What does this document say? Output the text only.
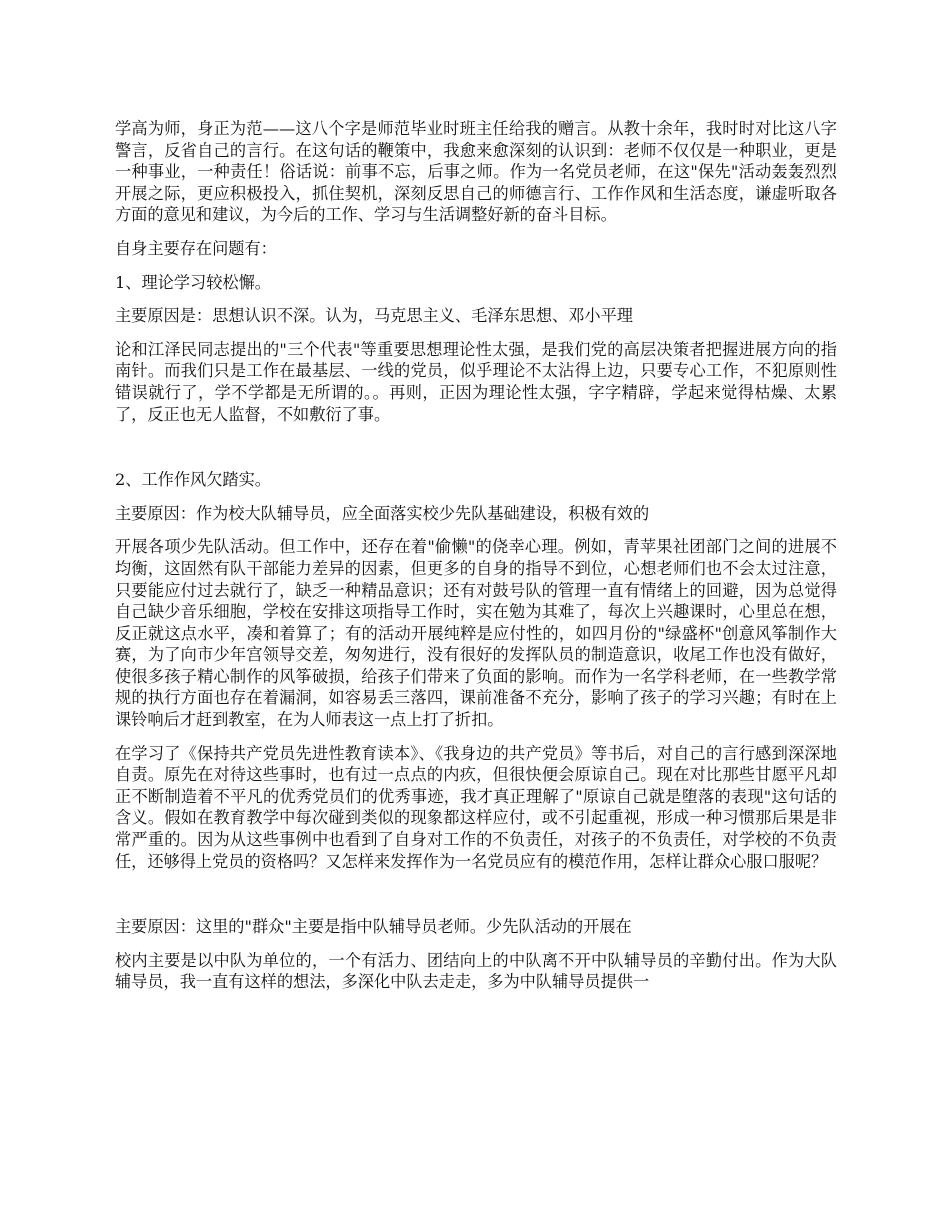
学高为师，身正为范——这八个字是师范毕业时班主任给我的赠言。从教十余年，我时时对比这八字警言，反省自己的言行。在这句话的鞭策中，我愈来愈深刻的认识到：老师不仅仅是一种职业，更是一种事业，一种责任！俗话说：前事不忘，后事之师。作为一名党员老师，在这"保先"活动轰轰烈烈开展之际，更应积极投入，抓住契机，深刻反思自己的师德言行、工作作风和生活态度，谦虚听取各方面的意见和建议，为今后的工作、学习与生活调整好新的奋斗目标。

自身主要存在问题有：

1、理论学习较松懈。

主要原因是：思想认识不深。认为，马克思主义、毛泽东思想、邓小平理

论和江泽民同志提出的"三个代表"等重要思想理论性太强，是我们党的高层决策者把握进展方向的指南针。而我们只是工作在最基层、一线的党员，似乎理论不太沾得上边，只要专心工作，不犯原则性错误就行了，学不学都是无所谓的。。再则，正因为理论性太强，字字精辟，学起来觉得枯燥、太累了，反正也无人监督，不如敷衍了事。

2、工作作风欠踏实。

主要原因：作为校大队辅导员，应全面落实校少先队基础建设，积极有效的

开展各项少先队活动。但工作中，还存在着"偷懒"的侥幸心理。例如，青苹果社团部门之间的进展不均衡，这固然有队干部能力差异的因素，但更多的自身的指导不到位，心想老师们也不会太过注意，只要能应付过去就行了，缺乏一种精品意识；还有对鼓号队的管理一直有情绪上的回避，因为总觉得自己缺少音乐细胞，学校在安排这项指导工作时，实在勉为其难了，每次上兴趣课时，心里总在想，反正就这点水平，凑和着算了；有的活动开展纯粹是应付性的，如四月份的"绿盛杯"创意风筝制作大赛，为了向市少年宫领导交差，匆匆进行，没有很好的发挥队员的制造意识，收尾工作也没有做好，使很多孩子精心制作的风筝破损，给孩子们带来了负面的影响。而作为一名学科老师，在一些教学常规的执行方面也存在着漏洞，如容易丢三落四，课前准备不充分，影响了孩子的学习兴趣；有时在上课铃响后才赶到教室，在为人师表这一点上打了折扣。

在学习了《保持共产党员先进性教育读本》、《我身边的共产党员》等书后，对自己的言行感到深深地自责。原先在对待这些事时，也有过一点点的内疚，但很快便会原谅自己。现在对比那些甘愿平凡却正不断制造着不平凡的优秀党员们的优秀事迹，我才真正理解了"原谅自己就是堕落的表现"这句话的含义。假如在教育教学中每次碰到类似的现象都这样应付，或不引起重视，形成一种习惯那后果是非常严重的。因为从这些事例中也看到了自身对工作的不负责任，对孩子的不负责任，对学校的不负责任，还够得上党员的资格吗？又怎样来发挥作为一名党员应有的模范作用，怎样让群众心服口服呢？

主要原因：这里的"群众"主要是指中队辅导员老师。少先队活动的开展在

校内主要是以中队为单位的，一个有活力、团结向上的中队离不开中队辅导员的辛勤付出。作为大队辅导员，我一直有这样的想法，多深化中队去走走，多为中队辅导员提供一
